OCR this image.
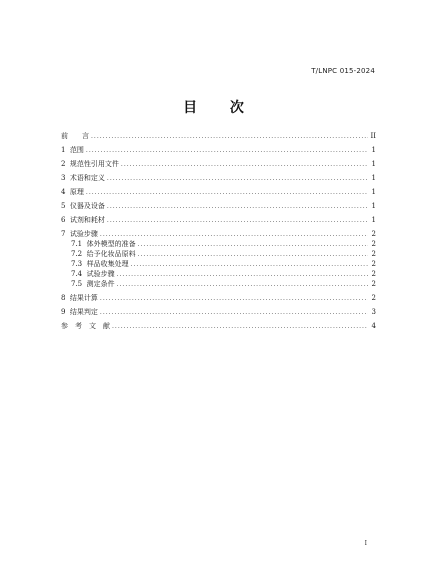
T/LNPC 015-2024
目 次
前　　言 .....	II
1  范围 .....	1
2  规范性引用文件 .....	1
3  术语和定义 .....	1
4  原理 .....	1
5  仪器及设备 .....	1
6  试剂和耗材 .....	1
7  试验步骤 .....	2
7.1  体外模型的准备 .....	2
7.2  给予化妆品原料 .....	2
7.3  样品收集处理 .....	2
7.4  试验步骤 .....	2
7.5  测定条件 .....	2
8  结果计算 .....	2
9  结果判定 .....	3
参　考　文　献 .....	4
I
